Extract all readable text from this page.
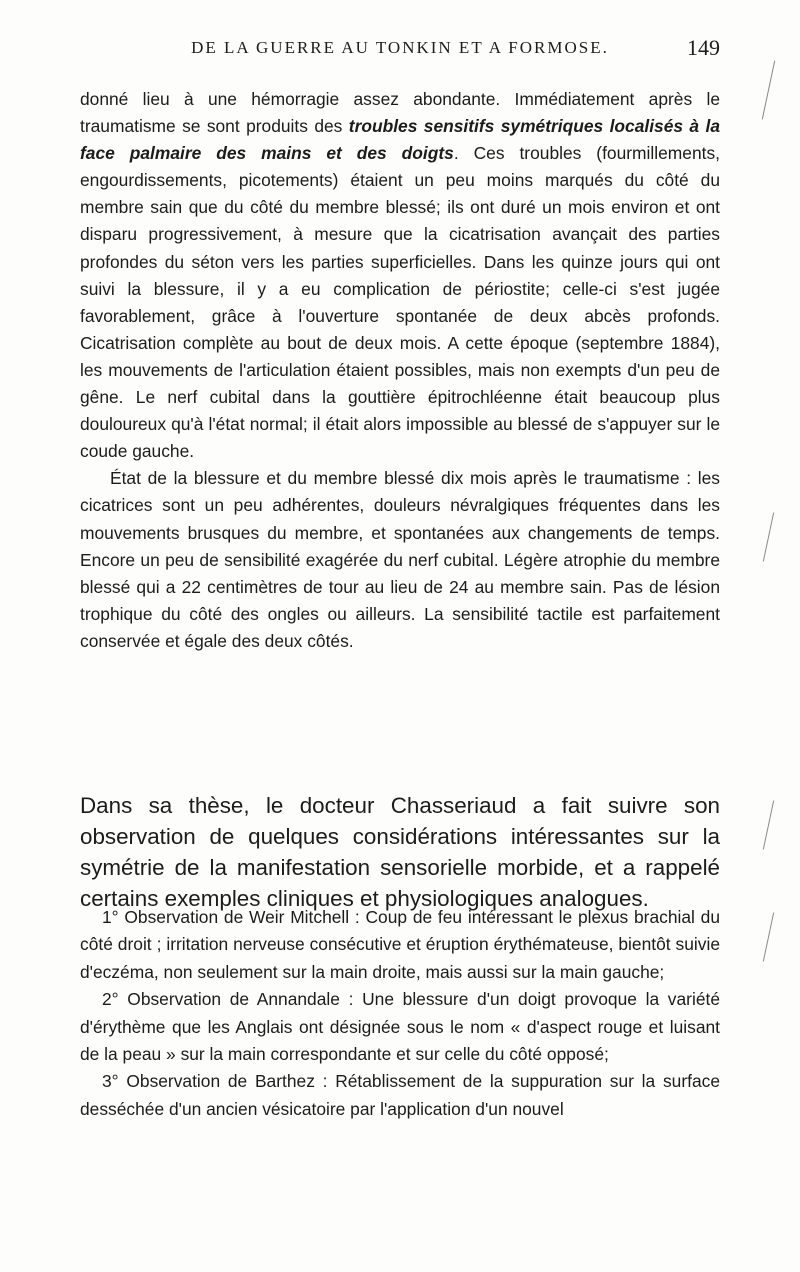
DE LA GUERRE AU TONKIN ET A FORMOSE.	149

donné lieu à une hémorragie assez abondante. Immédiatement après le traumatisme se sont produits des troubles sensitifs symétriques localisés à la face palmaire des mains et des doigts. Ces troubles (fourmillements, engourdissements, picotements) étaient un peu moins marqués du côté du membre sain que du côté du membre blessé; ils ont duré un mois environ et ont disparu progressivement, à mesure que la cicatrisation avançait des parties profondes du séton vers les parties superficielles. Dans les quinze jours qui ont suivi la blessure, il y a eu complication de périostite; celle-ci s'est jugée favorablement, grâce à l'ouverture spontanée de deux abcès profonds. Cicatrisation complète au bout de deux mois. A cette époque (septembre 1884), les mouvements de l'articulation étaient possibles, mais non exempts d'un peu de gêne. Le nerf cubital dans la gouttière épitrochléenne était beaucoup plus douloureux qu'à l'état normal; il était alors impossible au blessé de s'appuyer sur le coude gauche.

État de la blessure et du membre blessé dix mois après le traumatisme : les cicatrices sont un peu adhérentes, douleurs névralgiques fréquentes dans les mouvements brusques du membre, et spontanées aux changements de temps. Encore un peu de sensibilité exagérée du nerf cubital. Légère atrophie du membre blessé qui a 22 centimètres de tour au lieu de 24 au membre sain. Pas de lésion trophique du côté des ongles ou ailleurs. La sensibilité tactile est parfaitement conservée et égale des deux côtés.

Dans sa thèse, le docteur Chasseriaud a fait suivre son observation de quelques considérations intéressantes sur la symétrie de la manifestation sensorielle morbide, et a rappelé certains exemples cliniques et physiologiques analogues.

1° Observation de Weir Mitchell : Coup de feu intéressant le plexus brachial du côté droit ; irritation nerveuse consécutive et éruption érythémateuse, bientôt suivie d'eczéma, non seulement sur la main droite, mais aussi sur la main gauche;

2° Observation de Annandale : Une blessure d'un doigt provoque la variété d'érythème que les Anglais ont désignée sous le nom « d'aspect rouge et luisant de la peau » sur la main correspondante et sur celle du côté opposé;

3° Observation de Barthez : Rétablissement de la suppuration sur la surface desséchée d'un ancien vésicatoire par l'application d'un nouvel
